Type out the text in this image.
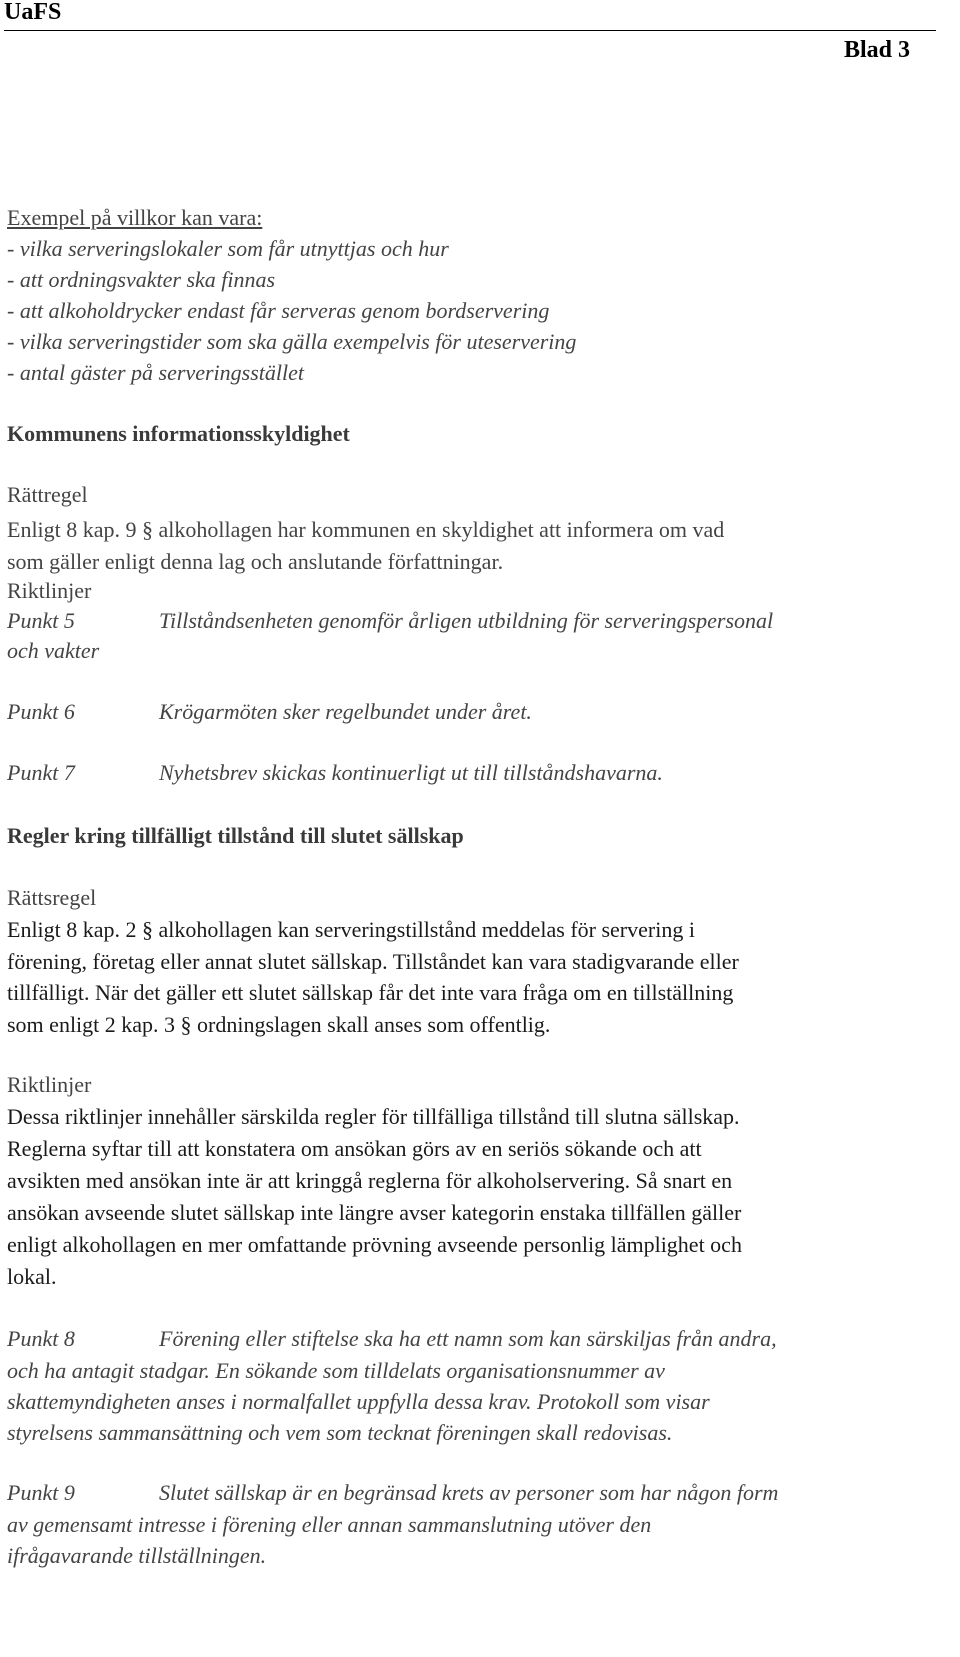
UaFS
Blad 3
Exempel på villkor kan vara:
- vilka serveringslokaler som får utnyttjas och hur
- att ordningsvakter ska finnas
- att alkoholdrycker endast får serveras genom bordservering
- vilka serveringstider som ska gälla exempelvis för uteservering
- antal gäster på serveringsstället
Kommunens informationsskyldighet
Rättregel
Enligt 8 kap. 9 § alkohollagen har kommunen en skyldighet att informera om vad
som gäller enligt denna lag och anslutande författningar.
Riktlinjer
Punkt 5	Tillståndsenheten genomför årligen utbildning för serveringspersonal
och vakter
Punkt 6	Krögarmöten sker regelbundet under året.
Punkt 7	Nyhetsbrev skickas kontinuerligt ut till tillståndshavarna.
Regler kring tillfälligt tillstånd till slutet sällskap
Rättsregel
Enligt 8 kap. 2 § alkohollagen kan serveringstillstånd meddelas för servering i
förening, företag eller annat slutet sällskap. Tillståndet kan vara stadigvarande eller
tillfälligt. När det gäller ett slutet sällskap får det inte vara fråga om en tillställning
som enligt 2 kap. 3 § ordningslagen skall anses som offentlig.
Riktlinjer
Dessa riktlinjer innehåller särskilda regler för tillfälliga tillstånd till slutna sällskap.
Reglerna syftar till att konstatera om ansökan görs av en seriös sökande och att
avsikten med ansökan inte är att kringgå reglerna för alkoholservering. Så snart en
ansökan avseende slutet sällskap inte längre avser kategorin enstaka tillfällen gäller
enligt alkohollagen en mer omfattande prövning avseende personlig lämplighet och
lokal.
Punkt 8	Förening eller stiftelse ska ha ett namn som kan särskiljas från andra,
och ha antagit stadgar. En sökande som tilldelats organisationsnummer av
skattemyndigheten anses i normalfallet uppfylla dessa krav. Protokoll som visar
styrelsens sammansättning och vem som tecknat föreningen skall redovisas.
Punkt 9	Slutet sällskap är en begränsad krets av personer som har någon form
av gemensamt intresse i förening eller annan sammanslutning utöver den
ifrågavarande tillställningen.
